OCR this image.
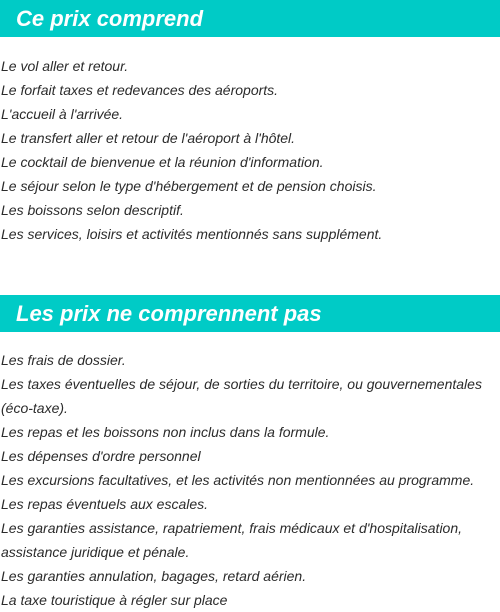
Ce prix comprend
Le vol aller et retour.
Le forfait taxes et redevances des aéroports.
L'accueil à l'arrivée.
Le transfert aller et retour de l'aéroport à l'hôtel.
Le cocktail de bienvenue et la réunion d'information.
Le séjour selon le type d'hébergement et de pension choisis.
Les boissons selon descriptif.
Les services, loisirs et activités mentionnés sans supplément.
Les prix ne comprennent pas
Les frais de dossier.
Les taxes éventuelles de séjour, de sorties du territoire, ou gouvernementales
(éco-taxe).
Les repas et les boissons non inclus dans la formule.
Les dépenses d'ordre personnel
Les excursions facultatives, et les activités non mentionnées au programme.
Les repas éventuels aux escales.
Les garanties assistance, rapatriement, frais médicaux et d'hospitalisation,
assistance juridique et pénale.
Les garanties annulation, bagages, retard aérien.
La taxe touristique à régler sur place
